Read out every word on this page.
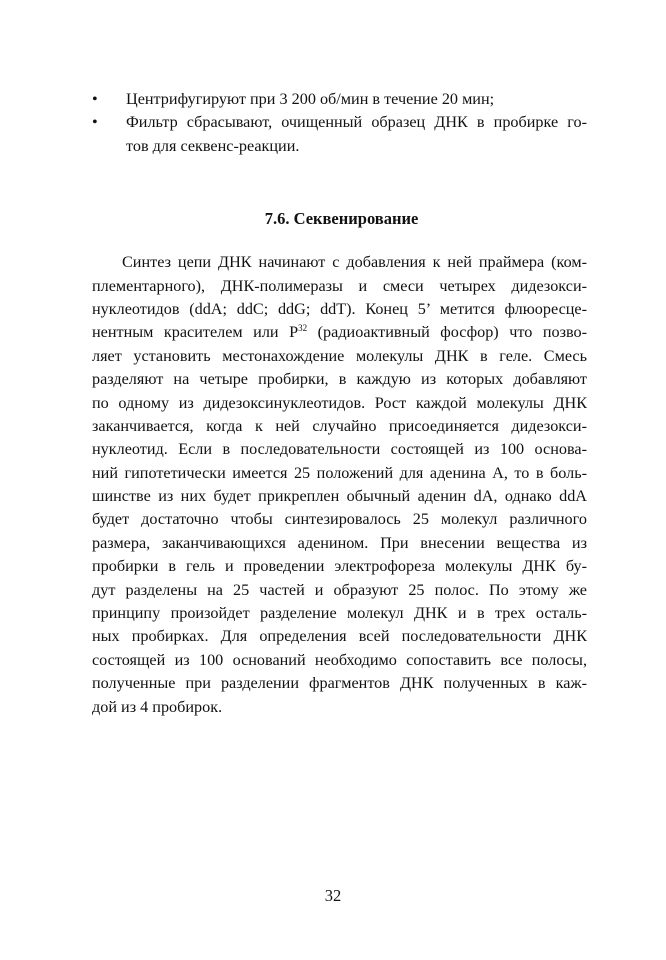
• Центрифугируют при 3 200 об/мин в течение 20 мин;
• Фильтр сбрасывают, очищенный образец ДНК в пробирке го-
тов для секвенс-реакции.
7.6. Секвенирование
Синтез цепи ДНК начинают с добавления к ней праймера (ком-
плементарного), ДНК-полимеразы и смеси четырех дидезокси-
нуклеотидов (ddA; ddC; ddG; ddT). Конец 5’ метится флюоресце-
нентным красителем или $Р^{32}$ (радиоактивный фосфор) что позво-
ляет установить местонахождение молекулы ДНК в геле. Смесь
разделяют на четыре пробирки, в каждую из которых добавляют
по одному из дидезоксинуклеотидов. Рост каждой молекулы ДНК
заканчивается, когда к ней случайно присоединяется дидезокси-
нуклеотид. Если в последовательности состоящей из 100 основа-
ний гипотетически имеется 25 положений для аденина А, то в боль-
шинстве из них будет прикреплен обычный аденин dA, однако ddA
будет достаточно чтобы синтезировалось 25 молекул различного
размера, заканчивающихся аденином. При внесении вещества из
пробирки в гель и проведении электрофореза молекулы ДНК бу-
дут разделены на 25 частей и образуют 25 полос. По этому же
принципу произойдет разделение молекул ДНК и в трех осталь-
ных пробирках. Для определения всей последовательности ДНК
состоящей из 100 оснований необходимо сопоставить все полосы,
полученные при разделении фрагментов ДНК полученных в каж-
дой из 4 пробирок.
32
